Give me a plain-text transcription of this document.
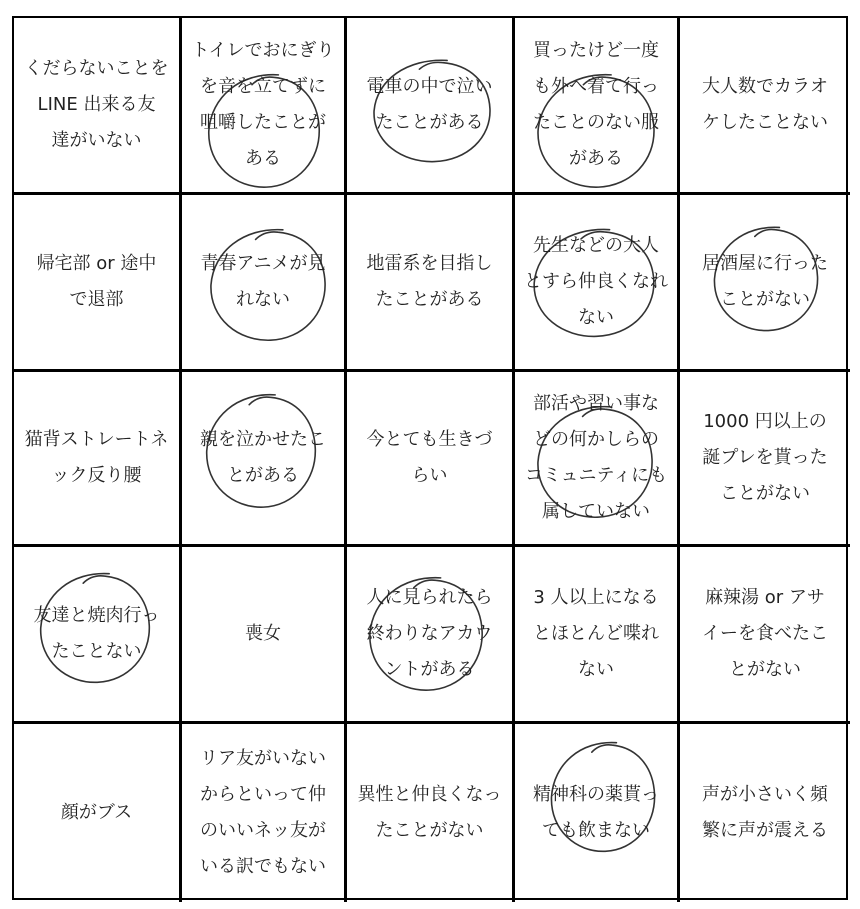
くだらないことを
LINE 出来る友
達がいない
トイレでおにぎり
を音を立てずに
咀嚼したことが
ある
電車の中で泣い
たことがある
買ったけど一度
も外へ着て行っ
たことのない服
がある
大人数でカラオ
ケしたことない
帰宅部 or 途中
で退部
青春アニメが見
れない
地雷系を目指し
たことがある
先生などの大人
とすら仲良くなれ
ない
居酒屋に行った
ことがない
猫背ストレートネ
ック反り腰
親を泣かせたこ
とがある
今とても生きづ
らい
部活や習い事な
どの何かしらの
コミュニティにも
属していない
1000 円以上の
誕プレを貰った
ことがない
友達と焼肉行っ
たことない
喪女
人に見られたら
終わりなアカウ
ントがある
3 人以上になる
とほとんど喋れ
ない
麻辣湯 or アサ
イーを食べたこ
とがない
顔がブス
リア友がいない
からといって仲
のいいネッ友が
いる訳でもない
異性と仲良くなっ
たことがない
精神科の薬貰っ
ても飲まない
声が小さいく頻
繁に声が震える
